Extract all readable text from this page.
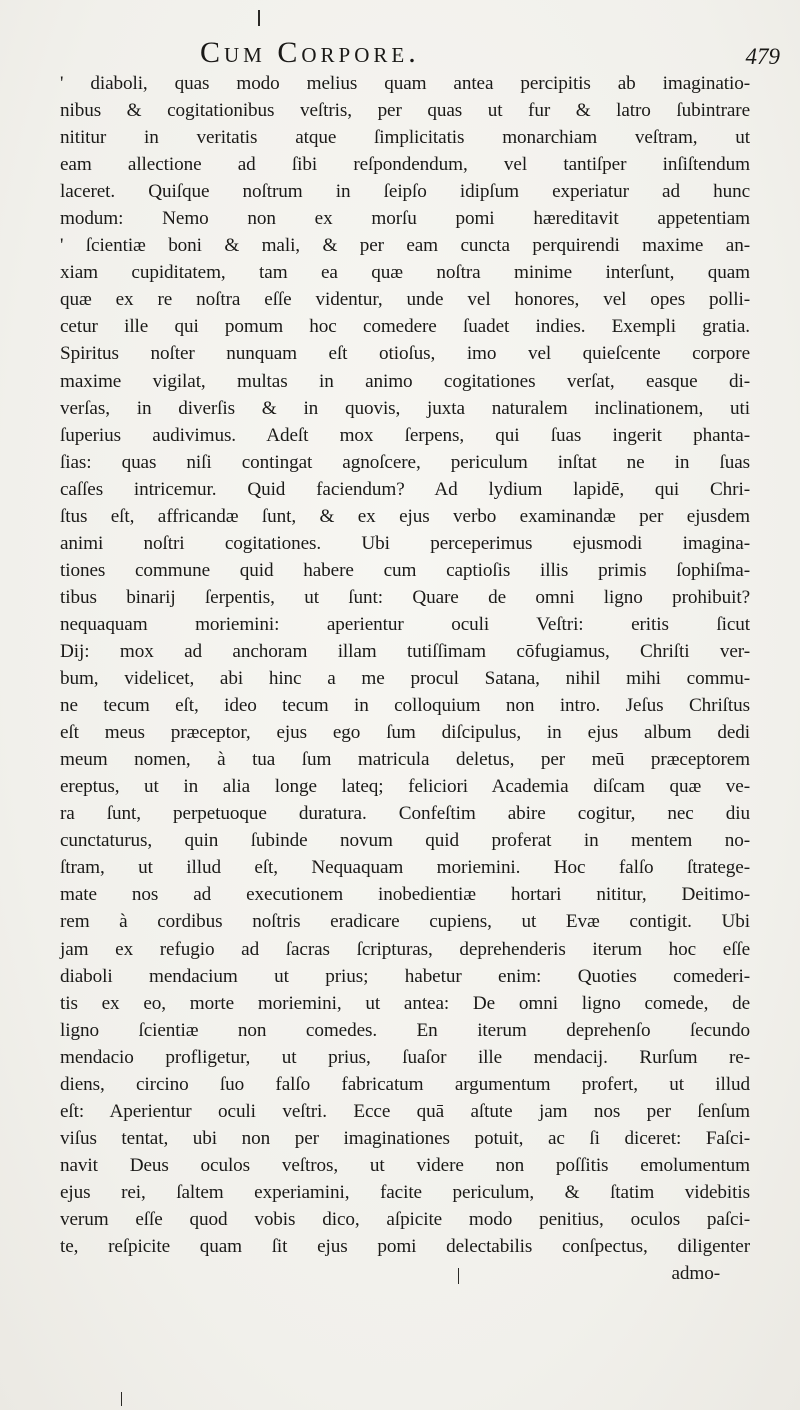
Cum Corpore.	479
' diaboli, quas modo melius quam antea percipitis ab imaginatio-
nibus & cogitationibus veſtris, per quas ut fur & latro ſubintrare
nititur in veritatis atque ſimplicitatis monarchiam veſtram, ut
eam allectione ad ſibi reſpondendum, vel tantiſper inſiſtendum
laceret. Quiſque noſtrum in ſeipſo idipſum experiatur ad hunc
modum: Nemo non ex morſu pomi hæreditavit appetentiam
' ſcientiæ boni & mali, & per eam cuncta perquirendi maxime an-
xiam cupiditatem, tam ea quæ noſtra minime interſunt, quam
quæ ex re noſtra eſſe videntur, unde vel honores, vel opes polli-
cetur ille qui pomum hoc comedere ſuadet indies. Exempli gratia.
Spiritus noſter nunquam eſt otioſus, imo vel quieſcente corpore
maxime vigilat, multas in animo cogitationes verſat, easque di-
verſas, in diverſis & in quovis, juxta naturalem inclinationem, uti
ſuperius audivimus. Adeſt mox ſerpens, qui ſuas ingerit phanta-
ſias: quas niſi contingat agnoſcere, periculum inſtat ne in ſuas
caſſes intricemur. Quid faciendum? Ad lydium lapidē, qui Chri-
ſtus eſt, affricandæ ſunt, & ex ejus verbo examinandæ per ejusdem
animi noſtri cogitationes. Ubi perceperimus ejusmodi imagina-
tiones commune quid habere cum captioſis illis primis ſophiſma-
tibus binarij ſerpentis, ut ſunt: Quare de omni ligno prohibuit?
nequaquam moriemini: aperientur oculi Veſtri: eritis ſicut
Dij: mox ad anchoram illam tutiſſimam cōfugiamus, Chriſti ver-
bum, videlicet, abi hinc a me procul Satana, nihil mihi commu-
ne tecum eſt, ideo tecum in colloquium non intro. Jeſus Chriſtus
eſt meus præceptor, ejus ego ſum diſcipulus, in ejus album dedi
meum nomen, à tua ſum matricula deletus, per meū præceptorem
ereptus, ut in alia longe lateq; feliciori Academia diſcam quæ ve-
ra ſunt, perpetuoque duratura. Confeſtim abire cogitur, nec diu
cunctaturus, quin ſubinde novum quid proferat in mentem no-
ſtram, ut illud eſt, Nequaquam moriemini. Hoc falſo ſtratege-
mate nos ad executionem inobedientiæ hortari nititur, Deitimo-
rem à cordibus noſtris eradicare cupiens, ut Evæ contigit. Ubi
jam ex refugio ad ſacras ſcripturas, deprehenderis iterum hoc eſſe
diaboli mendacium ut prius; habetur enim: Quoties comederi-
tis ex eo, morte moriemini, ut antea: De omni ligno comede, de
ligno ſcientiæ non comedes. En iterum deprehenſo ſecundo
mendacio profligetur, ut prius, ſuaſor ille mendacij. Rurſum re-
diens, circino ſuo falſo fabricatum argumentum profert, ut illud
eſt: Aperientur oculi veſtri. Ecce quā aſtute jam nos per ſenſum
viſus tentat, ubi non per imaginationes potuit, ac ſi diceret: Faſci-
navit Deus oculos veſtros, ut videre non poſſitis emolumentum
ejus rei, ſaltem experiamini, facite periculum, & ſtatim videbitis
verum eſſe quod vobis dico, aſpicite modo penitius, oculos paſci-
te, reſpicite quam ſit ejus pomi delectabilis conſpectus, diligenter
admo-
